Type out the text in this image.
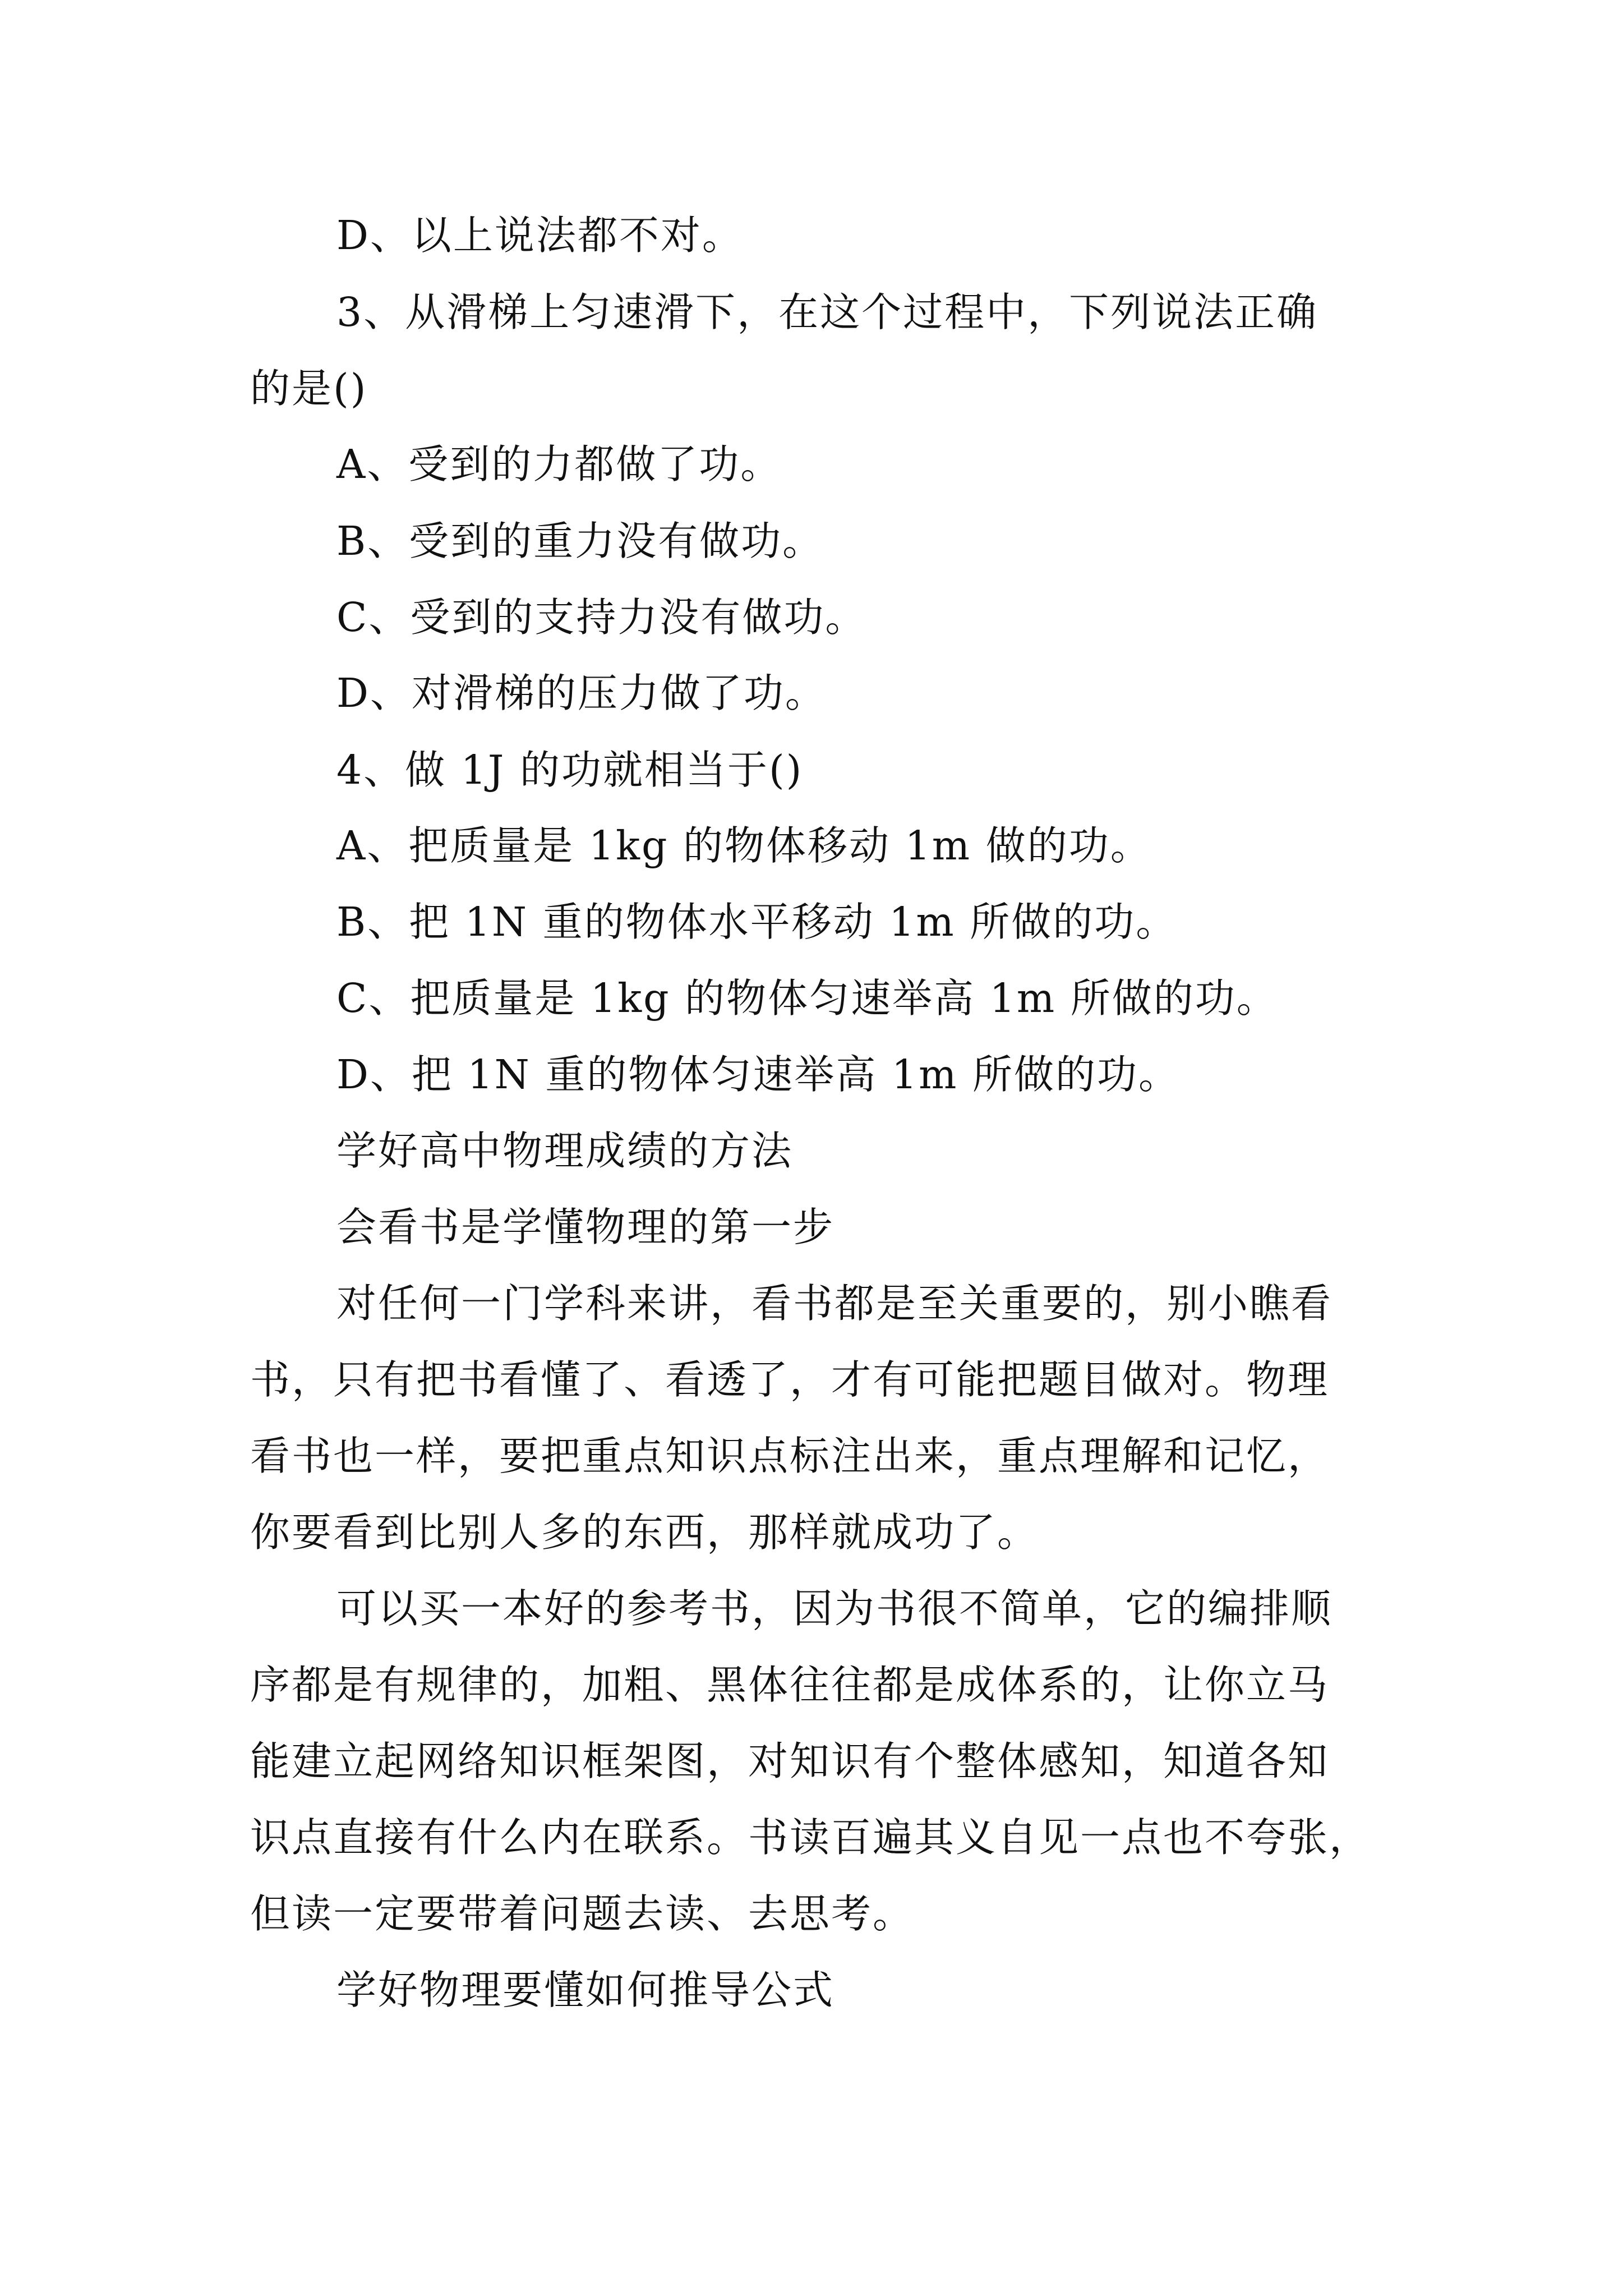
D、以上说法都不对。
3、从滑梯上匀速滑下，在这个过程中，下列说法正确
的是()
A、受到的力都做了功。
B、受到的重力没有做功。
C、受到的支持力没有做功。
D、对滑梯的压力做了功。
4、做 1J 的功就相当于()
A、把质量是 1kg 的物体移动 1m 做的功。
B、把 1N 重的物体水平移动 1m 所做的功。
C、把质量是 1kg 的物体匀速举高 1m 所做的功。
D、把 1N 重的物体匀速举高 1m 所做的功。
学好高中物理成绩的方法
会看书是学懂物理的第一步
对任何一门学科来讲，看书都是至关重要的，别小瞧看
书，只有把书看懂了、看透了，才有可能把题目做对。物理
看书也一样，要把重点知识点标注出来，重点理解和记忆，
你要看到比别人多的东西，那样就成功了。
可以买一本好的参考书，因为书很不简单，它的编排顺
序都是有规律的，加粗、黑体往往都是成体系的，让你立马
能建立起网络知识框架图，对知识有个整体感知，知道各知
识点直接有什么内在联系。书读百遍其义自见一点也不夸张，
但读一定要带着问题去读、去思考。
学好物理要懂如何推导公式
